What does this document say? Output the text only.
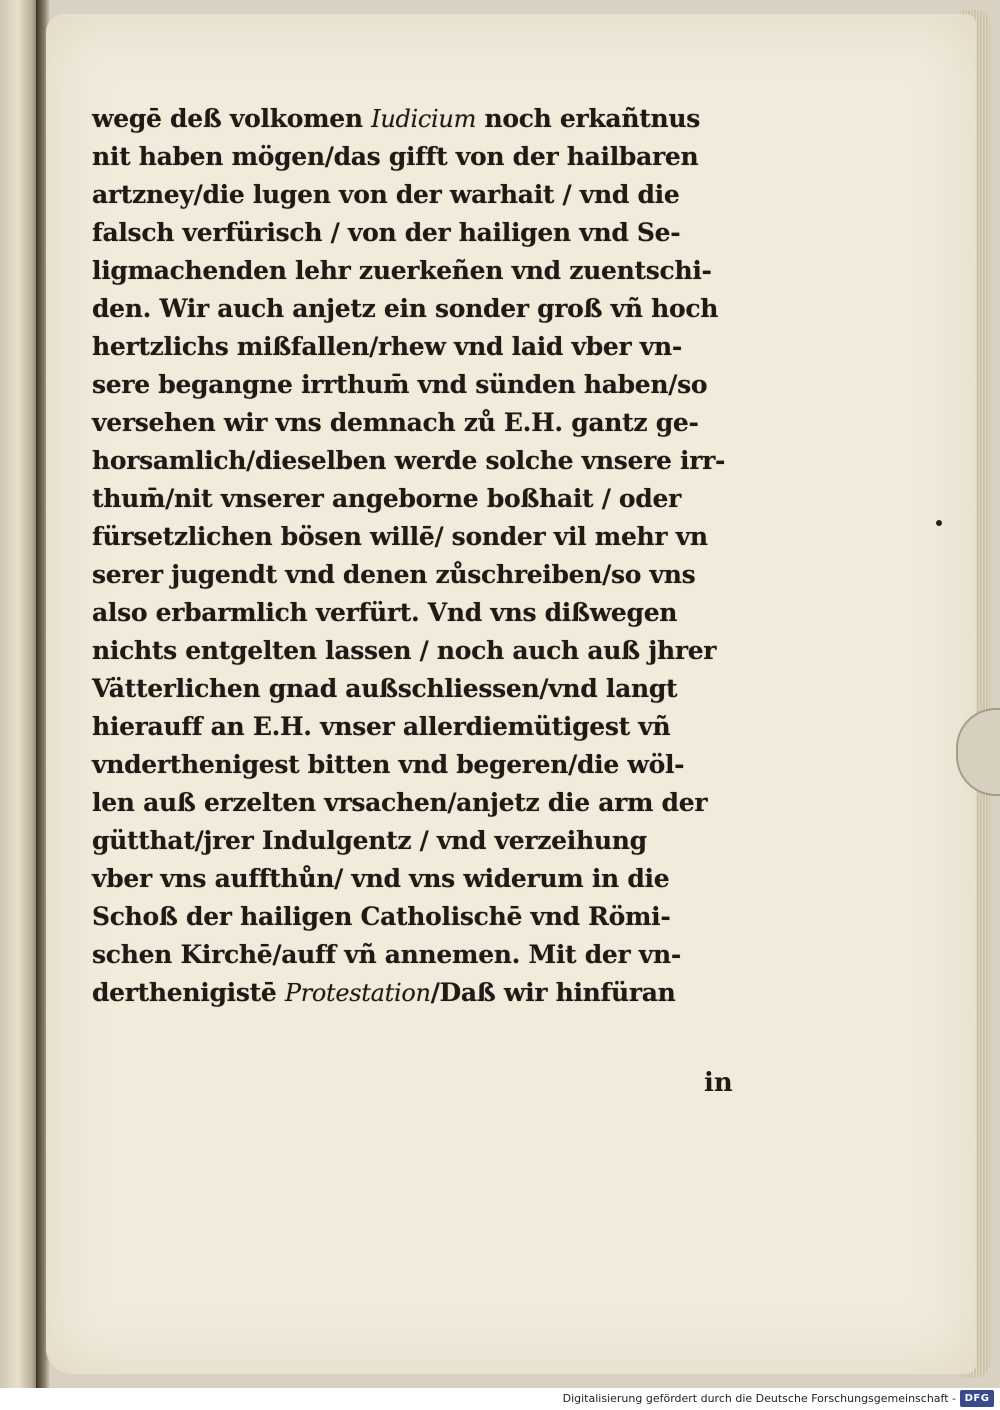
wegē deß volkomen Iudicium noch erkañtnus
nit haben mögen/das gifft von der hailbaren
artzney/die lugen von der warhait / vnd die
falsch verfürisch / von der hailigen vnd Se-
ligmachenden lehr zuerkeñen vnd zuentschi-
den. Wir auch anjetz ein sonder groß vñ hoch
hertzlichs mißfallen/rhew vnd laid vber vn-
sere begangne irrthum̄ vnd sünden haben/so
versehen wir vns demnach zů E.H. gantz ge-
horsamlich/dieselben werde solche vnsere irr-
thum̄/nit vnserer angeborne boßhait / oder
fürsetzlichen bösen willē/ sonder vil mehr vn
serer jugendt vnd denen zůschreiben/so vns
also erbarmlich verfürt. Vnd vns dißwegen
nichts entgelten lassen / noch auch auß jhrer
Vätterlichen gnad außschliessen/vnd langt
hierauff an E.H. vnser allerdiemütigest vñ
vnderthenigest bitten vnd begeren/die wöl-
len auß erzelten vrsachen/anjetz die arm der
gütthat/jrer Indulgentz / vnd verzeihung
vber vns auffthůn/ vnd vns widerum in die
Schoß der hailigen Catholischē vnd Römi-
schen Kirchē/auff vñ annemen. Mit der vn-
derthenigistē Protestation/Daß wir hinfüran
in
Digitalisierung gefördert durch die Deutsche Forschungsgemeinschaft - DFG
